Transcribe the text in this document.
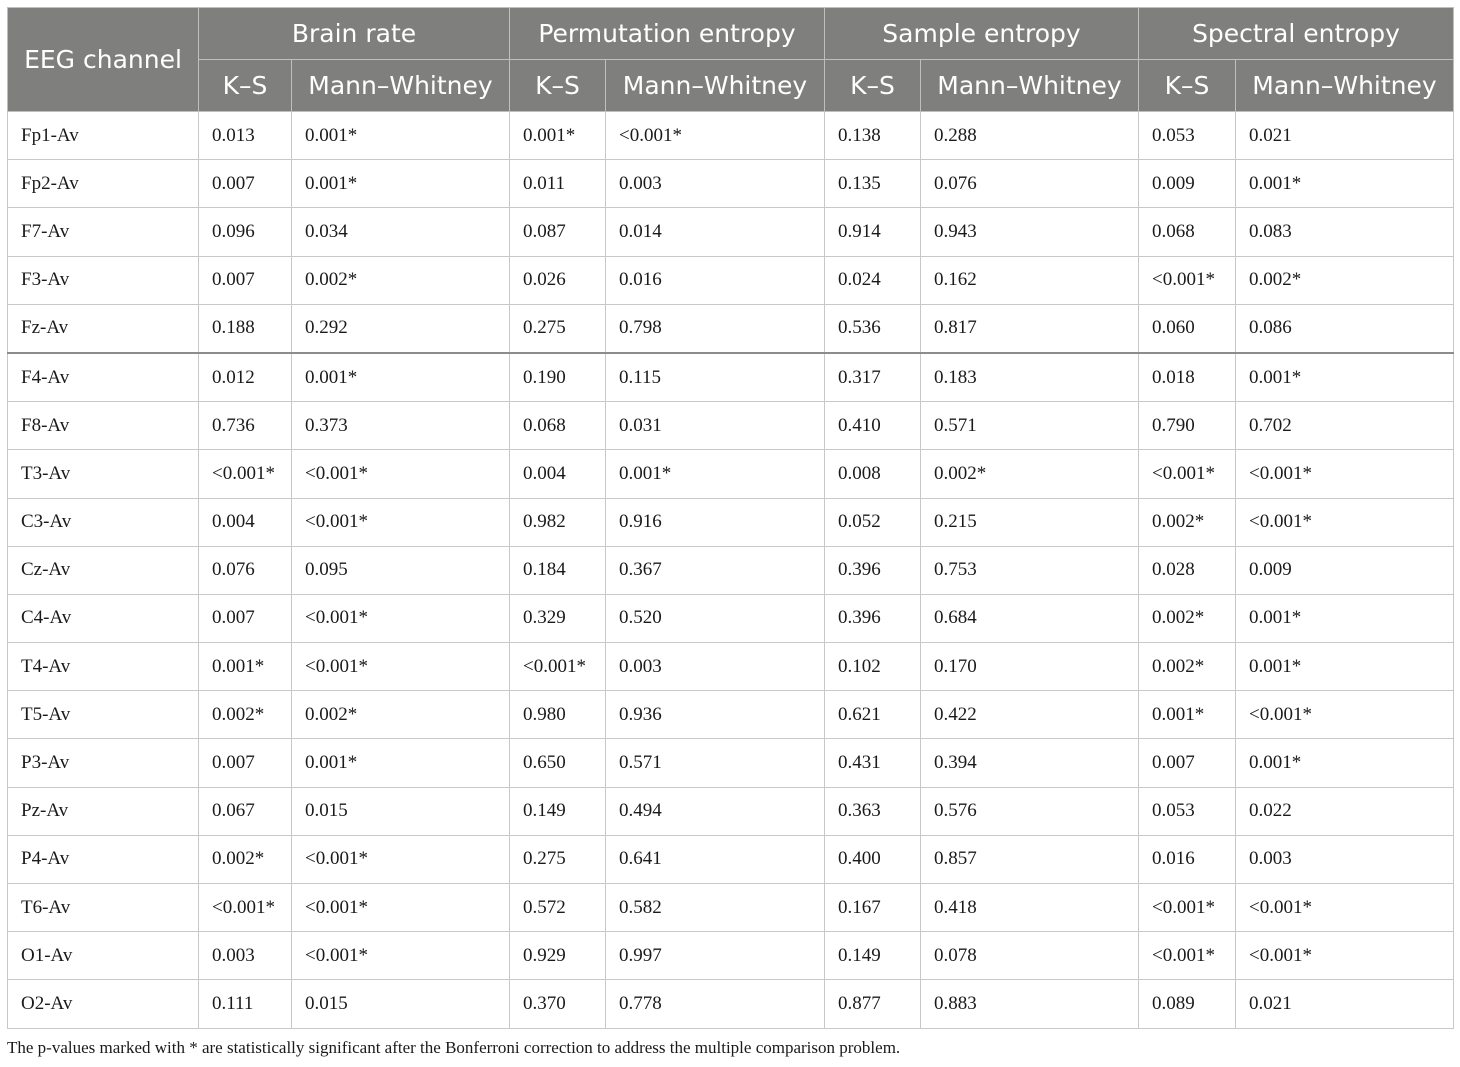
EEG channel	Brain rate		Permutation entropy		Sample entropy		Spectral entropy	
	K–S	Mann–Whitney	K–S	Mann–Whitney	K–S	Mann–Whitney	K–S	Mann–Whitney
Fp1-Av	0.013	0.001*	0.001*	<0.001*	0.138	0.288	0.053	0.021
Fp2-Av	0.007	0.001*	0.011	0.003	0.135	0.076	0.009	0.001*
F7-Av	0.096	0.034	0.087	0.014	0.914	0.943	0.068	0.083
F3-Av	0.007	0.002*	0.026	0.016	0.024	0.162	<0.001*	0.002*
Fz-Av	0.188	0.292	0.275	0.798	0.536	0.817	0.060	0.086
F4-Av	0.012	0.001*	0.190	0.115	0.317	0.183	0.018	0.001*
F8-Av	0.736	0.373	0.068	0.031	0.410	0.571	0.790	0.702
T3-Av	<0.001*	<0.001*	0.004	0.001*	0.008	0.002*	<0.001*	<0.001*
C3-Av	0.004	<0.001*	0.982	0.916	0.052	0.215	0.002*	<0.001*
Cz-Av	0.076	0.095	0.184	0.367	0.396	0.753	0.028	0.009
C4-Av	0.007	<0.001*	0.329	0.520	0.396	0.684	0.002*	0.001*
T4-Av	0.001*	<0.001*	<0.001*	0.003	0.102	0.170	0.002*	0.001*
T5-Av	0.002*	0.002*	0.980	0.936	0.621	0.422	0.001*	<0.001*
P3-Av	0.007	0.001*	0.650	0.571	0.431	0.394	0.007	0.001*
Pz-Av	0.067	0.015	0.149	0.494	0.363	0.576	0.053	0.022
P4-Av	0.002*	<0.001*	0.275	0.641	0.400	0.857	0.016	0.003
T6-Av	<0.001*	<0.001*	0.572	0.582	0.167	0.418	<0.001*	<0.001*
O1-Av	0.003	<0.001*	0.929	0.997	0.149	0.078	<0.001*	<0.001*
O2-Av	0.111	0.015	0.370	0.778	0.877	0.883	0.089	0.021
The p-values marked with * are statistically significant after the Bonferroni correction to address the multiple comparison problem.
